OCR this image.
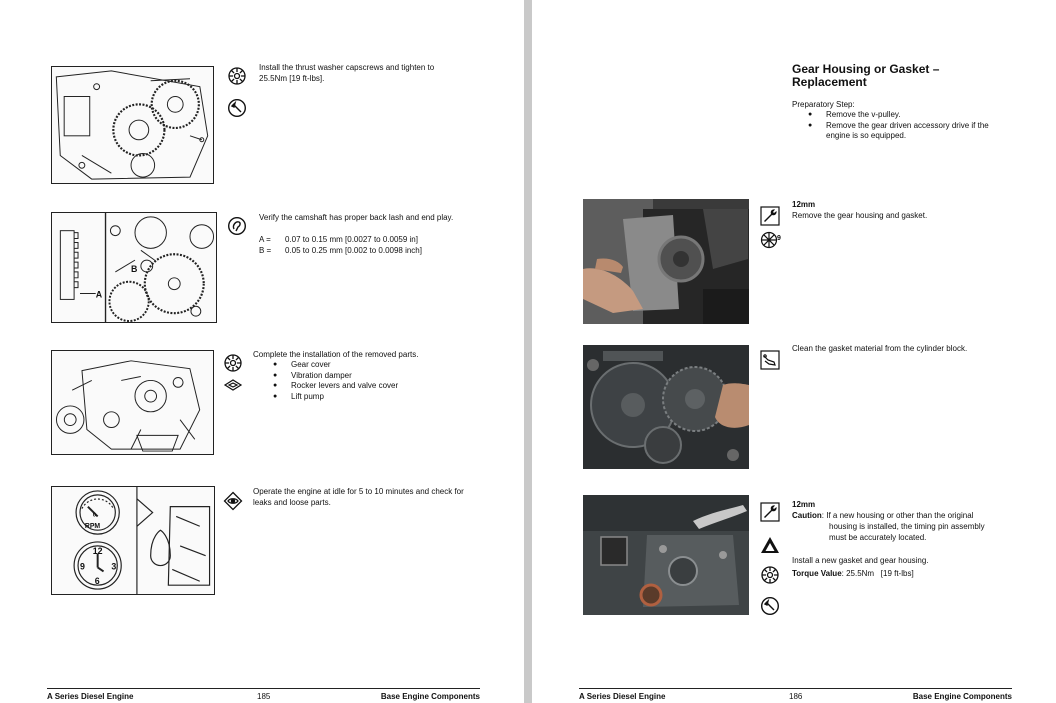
Install the thrust washer capscrews and tighten to 25.5Nm [19 ft-lbs].
B
A

Verify the camshaft has proper back lash and end play.

A =	0.07 to 0.15 mm [0.0027 to 0.0059 in]
B =	0.05 to 0.25 mm [0.002 to 0.0098 inch]

Complete the installation of the removed parts.

● Gear cover
● Vibration damper
● Rocker levers and valve cover
● Lift pump
RPM
0
12
9	3
6
Operate the engine at idle for 5 to 10 minutes and check for leaks and loose parts.
A Series Diesel Engine	185	Base Engine Components
Gear Housing or Gasket –
Replacement

Preparatory Step:

● Remove the v-pulley.
● Remove the gear driven accessory drive if the engine is so equipped.
9

12mm

Remove the gear housing and gasket.

Clean the gasket material from the cylinder block.

12mm

Caution: If a new housing or other than the original

housing is installed, the timing pin assembly

must be accurately located.

Install a new gasket and gear housing.

Torque Value: 25.5Nm   [19 ft-lbs]

A Series Diesel Engine	186	Base Engine Components
